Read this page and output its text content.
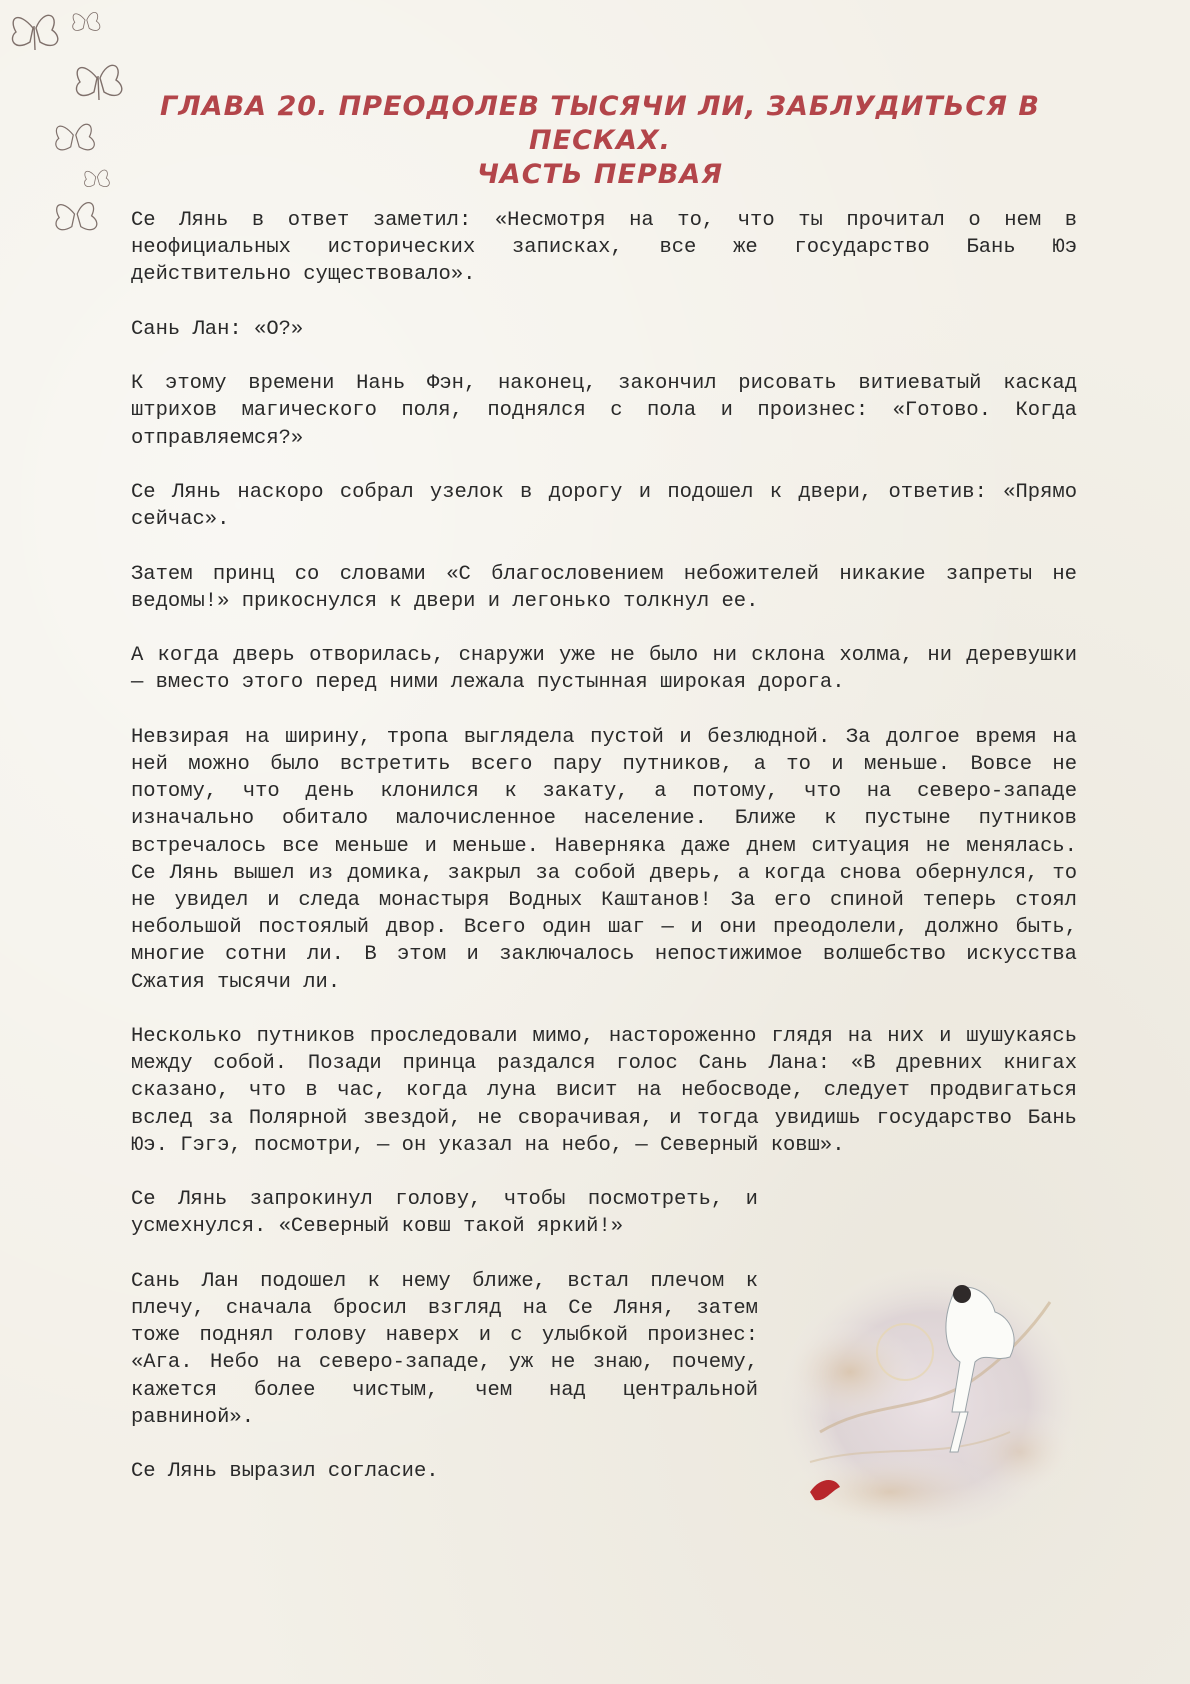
ГЛАВА 20. ПРЕОДОЛЕВ ТЫСЯЧИ ЛИ, ЗАБЛУДИТЬСЯ В ПЕСКАХ.
ЧАСТЬ ПЕРВАЯ

Се Лянь в ответ заметил: «Несмотря на то, что ты прочитал о нем в неофициальных исторических записках, все же государство Бань Юэ действительно существовало».

Сань Лан: «О?»

К этому времени Нань Фэн, наконец, закончил рисовать витиеватый каскад штрихов магического поля, поднялся с пола и произнес: «Готово. Когда отправляемся?»

Се Лянь наскоро собрал узелок в дорогу и подошел к двери, ответив: «Прямо сейчас».

Затем принц со словами «С благословением небожителей никакие запреты не ведомы!» прикоснулся к двери и легонько толкнул ее.

А когда дверь отворилась, снаружи уже не было ни склона холма, ни деревушки — вместо этого перед ними лежала пустынная широкая дорога.

Невзирая на ширину, тропа выглядела пустой и безлюдной. За долгое время на ней можно было встретить всего пару путников, а то и меньше. Вовсе не потому, что день клонился к закату, а потому, что на северо-западе изначально обитало малочисленное население. Ближе к пустыне путников встречалось все меньше и меньше. Наверняка даже днем ситуация не менялась. Се Лянь вышел из домика, закрыл за собой дверь, а когда снова обернулся, то не увидел и следа монастыря Водных Каштанов! За его спиной теперь стоял небольшой постоялый двор. Всего один шаг — и они преодолели, должно быть, многие сотни ли. В этом и заключалось непостижимое волшебство искусства Сжатия тысячи ли.

Несколько путников проследовали мимо, настороженно глядя на них и шушукаясь между собой. Позади принца раздался голос Сань Лана: «В древних книгах сказано, что в час, когда луна висит на небосводе, следует продвигаться вслед за Полярной звездой, не сворачивая, и тогда увидишь государство Бань Юэ. Гэгэ, посмотри, — он указал на небо, — Северный ковш».

Се Лянь запрокинул голову, чтобы посмотреть, и усмехнулся. «Северный ковш такой яркий!»

Сань Лан подошел к нему ближе, встал плечом к плечу, сначала бросил взгляд на Се Ляня, затем тоже поднял голову наверх и с улыбкой произнес: «Ага. Небо на северо-западе, уж не знаю, почему, кажется более чистым, чем над центральной равниной».

Се Лянь выразил согласие.
